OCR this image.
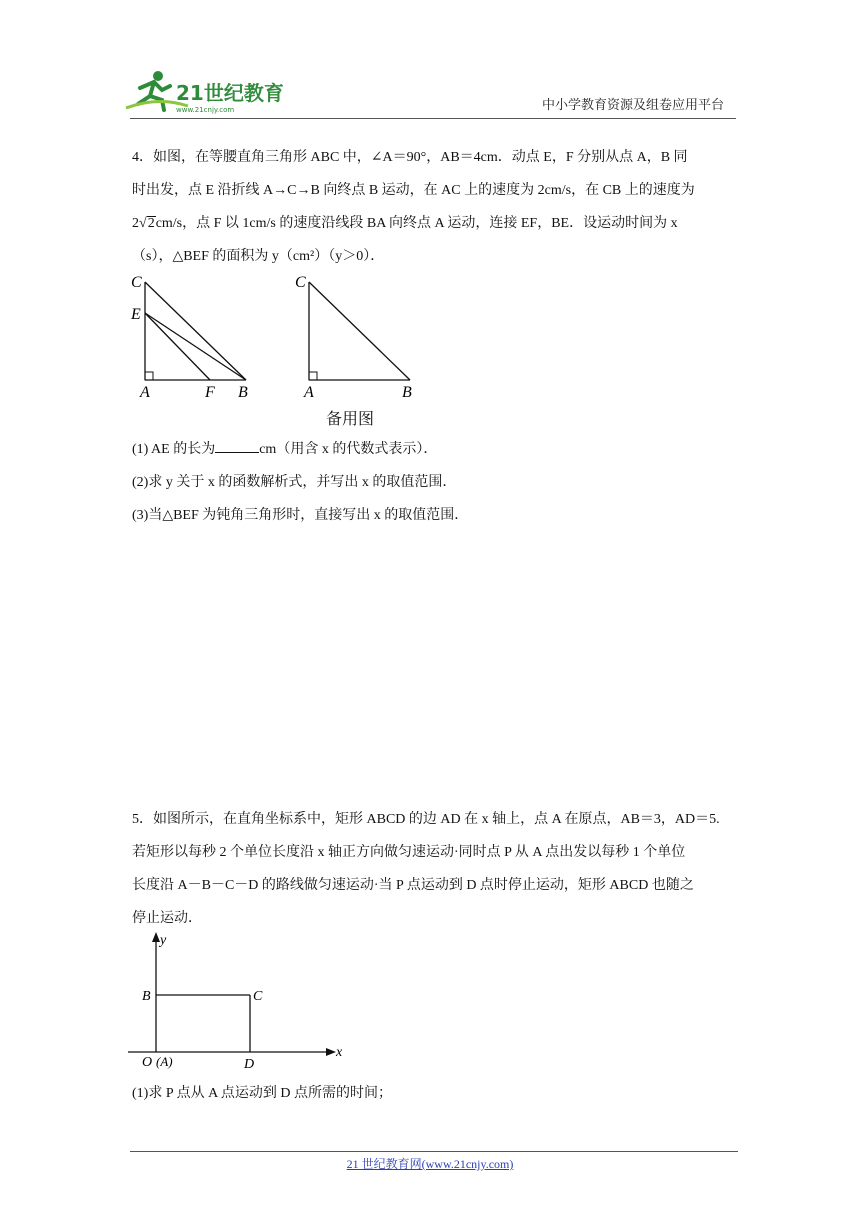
21世纪教育
www.21cnjy.com	中小学教育资源及组卷应用平台
4．如图，在等腰直角三角形 ABC 中，∠A＝90°，AB＝4cm．动点 E，F 分别从点 A，B 同
时出发，点 E 沿折线 A→C→B 向终点 B 运动，在 AC 上的速度为 2cm/s，在 CB 上的速度为
2√2cm/s，点 F 以 1cm/s 的速度沿线段 BA 向终点 A 运动，连接 EF，BE．设运动时间为 x
（s），△BEF 的面积为 y（cm²）（y＞0）．
C
E
A	F B
C
A	B
备用图
(1) AE 的长为	cm（用含 x 的代数式表示）．
(2)求 y 关于 x 的函数解析式，并写出 x 的取值范围．
(3)当△BEF 为钝角三角形时，直接写出 x 的取值范围．
5．如图所示，在直角坐标系中，矩形 ABCD 的边 AD 在 x 轴上，点 A 在原点，AB＝3，AD＝5.
若矩形以每秒 2 个单位长度沿 x 轴正方向做匀速运动·同时点 P 从 A 点出发以每秒 1 个单位
长度沿 A－B－C－D 的路线做匀速运动·当 P 点运动到 D 点时停止运动，矩形 ABCD 也随之
停止运动．
y
B	C
O (A)	D
x
(1)求 P 点从 A 点运动到 D 点所需的时间；
21 世纪教育网(www.21cnjy.com)
